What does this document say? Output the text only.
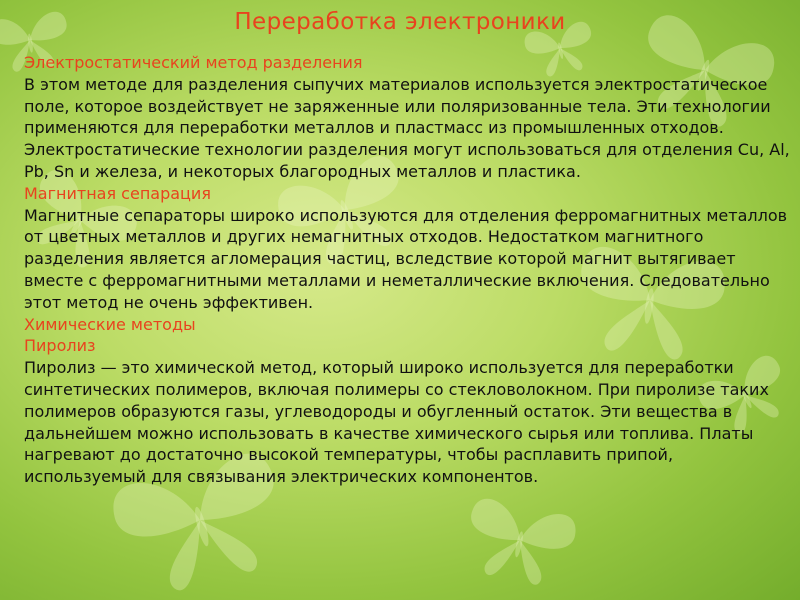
Переработка электроники
Электростатический метод разделения
В этом методе для разделения сыпучих материалов используется электростатическое поле, которое воздействует не заряженные или поляризованные тела. Эти технологии применяются для переработки металлов и пластмасс из промышленных отходов. Электростатические технологии разделения могут использоваться для отделения Cu, Al, Pb, Sn и железа, и некоторых благородных металлов и пластика.
Магнитная сепарация
Магнитные сепараторы широко используются для отделения ферромагнитных металлов от цветных металлов и других немагнитных отходов. Недостатком магнитного разделения является агломерация частиц, вследствие которой магнит вытягивает вместе с ферромагнитными металлами и неметаллические включения. Следовательно этот метод не очень эффективен.
Химические методы
Пиролиз
Пиролиз — это химической метод, который широко используется для переработки синтетических полимеров, включая полимеры со стекловолокном. При пиролизе таких полимеров образуются газы, углеводороды и обугленный остаток. Эти вещества в дальнейшем можно использовать в качестве химического сырья или топлива. Платы нагревают до достаточно высокой температуры, чтобы расплавить припой, используемый для связывания электрических компонентов.
